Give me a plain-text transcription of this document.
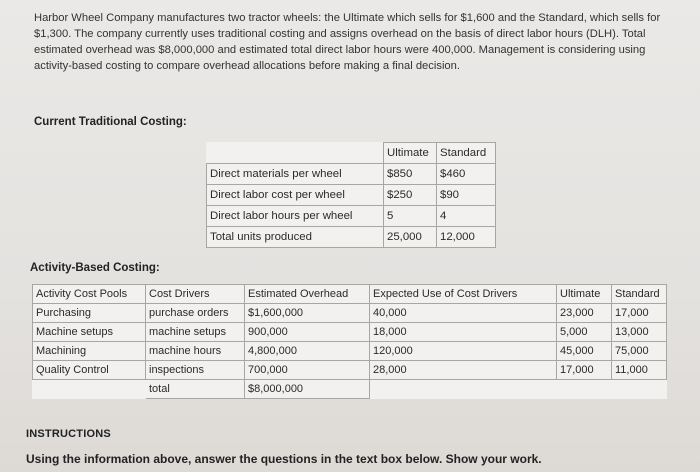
Harbor Wheel Company manufactures two tractor wheels: the Ultimate which sells for $1,600 and the Standard, which sells for $1,300. The company currently uses traditional costing and assigns overhead on the basis of direct labor hours (DLH). Total estimated overhead was $8,000,000 and estimated total direct labor hours were 400,000. Management is considering using activity-based costing to compare overhead allocations before making a final decision.

Current Traditional Costing:

	Ultimate	Standard
Direct materials per wheel	$850	$460
Direct labor cost per wheel	$250	$90
Direct labor hours per wheel	5	4
Total units produced	25,000	12,000

Activity-Based Costing:

Activity Cost Pools	Cost Drivers	Estimated Overhead	Expected Use of Cost Drivers	Ultimate	Standard
Purchasing	purchase orders	$1,600,000	40,000	23,000	17,000
Machine setups	machine setups	900,000	18,000	5,000	13,000
Machining	machine hours	4,800,000	120,000	45,000	75,000
Quality Control	inspections	700,000	28,000	17,000	11,000
	total	$8,000,000			

INSTRUCTIONS

Using the information above, answer the questions in the text box below. Show your work.
